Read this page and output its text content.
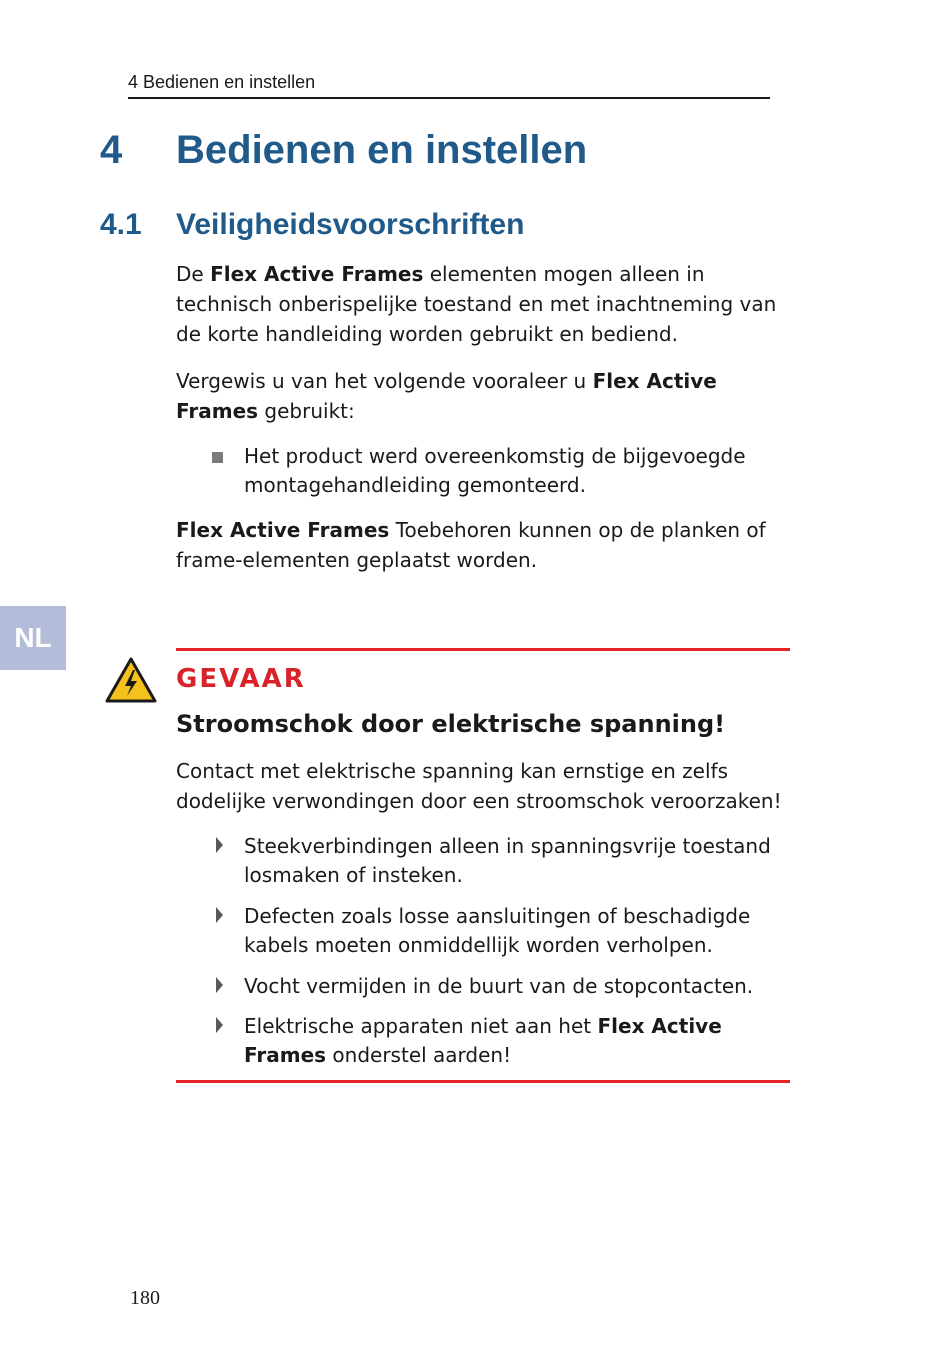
4 Bedienen en instellen
4 Bedienen en instellen
4.1 Veiligheidsvoorschriften

De Flex Active Frames elementen mogen alleen in technisch onberispelijke toestand en met inachtneming van de korte handleiding worden gebruikt en bediend.

Vergewis u van het volgende vooraleer u Flex Active Frames gebruikt:

Het product werd overeenkomstig de bijgevoegde montagehandleiding gemonteerd.

Flex Active Frames Toebehoren kunnen op de planken of frame-elementen geplaatst worden.

NL
GEVAAR
Stroomschok door elektrische spanning!

Contact met elektrische spanning kan ernstige en zelfs dodelijke verwondingen door een stroomschok veroorzaken!

Steekverbindingen alleen in spanningsvrije toestand losmaken of insteken.
Defecten zoals losse aansluitingen of beschadigde kabels moeten onmiddellijk worden verholpen.
Vocht vermijden in de buurt van de stopcontacten.
Elektrische apparaten niet aan het Flex Active Frames onderstel aarden!
180
